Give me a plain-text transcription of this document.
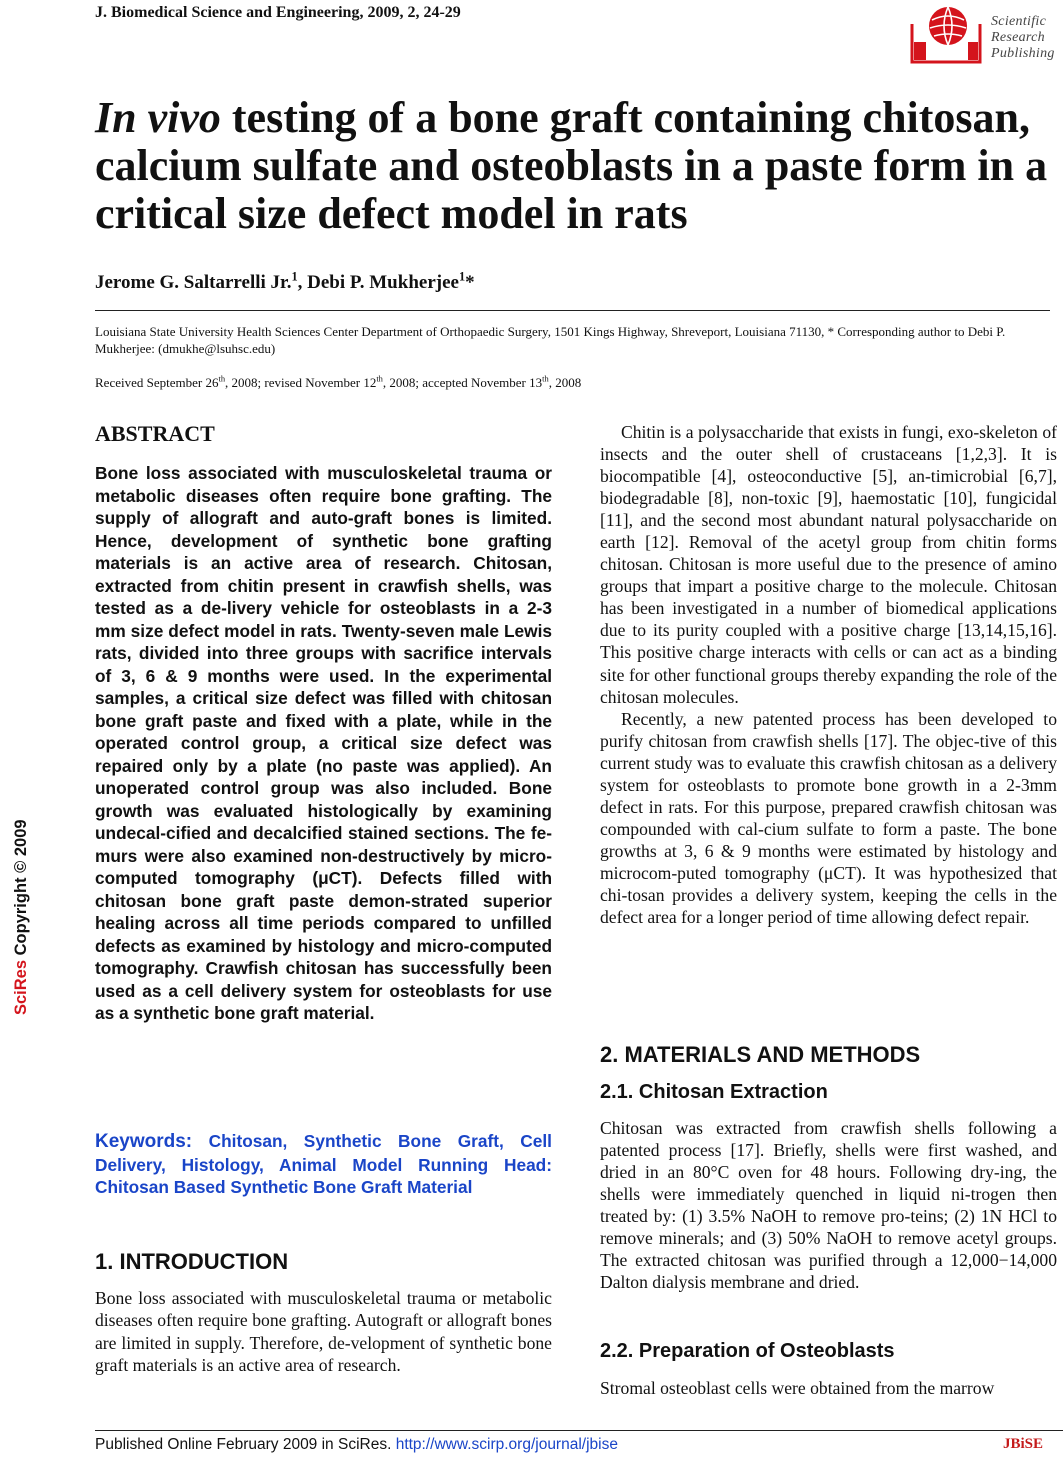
J. Biomedical Science and Engineering, 2009, 2, 24-29
Scientific
Research
Publishing
In vivo testing of a bone graft containing chitosan, calcium sulfate and osteoblasts in a paste form in a critical size defect model in rats
Jerome G. Saltarrelli Jr.$^1$, Debi P. Mukherjee$^1$*
Louisiana State University Health Sciences Center Department of Orthopaedic Surgery, 1501 Kings Highway, Shreveport, Louisiana 71130, * Corresponding author to Debi P. Mukherjee: (dmukhe@lsuhsc.edu)
Received September 26th, 2008; revised November 12th, 2008; accepted November 13th, 2008
ABSTRACT
Bone loss associated with musculoskeletal trauma or metabolic diseases often require bone grafting. The supply of allograft and auto-graft bones is limited. Hence, development of synthetic bone grafting materials is an active area of research. Chitosan, extracted from chitin present in crawfish shells, was tested as a de-livery vehicle for osteoblasts in a 2-3 mm size defect model in rats. Twenty-seven male Lewis rats, divided into three groups with sacrifice intervals of 3, 6 & 9 months were used. In the experimental samples, a critical size defect was filled with chitosan bone graft paste and fixed with a plate, while in the operated control group, a critical size defect was repaired only by a plate (no paste was applied). An unoperated control group was also included. Bone growth was evaluated histologically by examining undecal-cified and decalcified stained sections. The fe-murs were also examined non-destructively by micro-computed tomography (μCT). Defects filled with chitosan bone graft paste demon-strated superior healing across all time periods compared to unfilled defects as examined by histology and micro-computed tomography. Crawfish chitosan has successfully been used as a cell delivery system for osteoblasts for use as a synthetic bone graft material.
Keywords: Chitosan, Synthetic Bone Graft, Cell Delivery, Histology, Animal Model Running Head: Chitosan Based Synthetic Bone Graft Material
1. INTRODUCTION
Bone loss associated with musculoskeletal trauma or metabolic diseases often require bone grafting. Autograft or allograft bones are limited in supply. Therefore, de-velopment of synthetic bone graft materials is an active area of research.

Chitin is a polysaccharide that exists in fungi, exo-skeleton of insects and the outer shell of crustaceans [1,2,3]. It is biocompatible [4], osteoconductive [5], an-timicrobial [6,7], biodegradable [8], non-toxic [9], haemostatic [10], fungicidal [11], and the second most abundant natural polysaccharide on earth [12]. Removal of the acetyl group from chitin forms chitosan. Chitosan is more useful due to the presence of amino groups that impart a positive charge to the molecule. Chitosan has been investigated in a number of biomedical applications due to its purity coupled with a positive charge [13,14,15,16]. This positive charge interacts with cells or can act as a binding site for other functional groups thereby expanding the role of the chitosan molecules.

Recently, a new patented process has been developed to purify chitosan from crawfish shells [17]. The objec-tive of this current study was to evaluate this crawfish chitosan as a delivery system for osteoblasts to promote bone growth in a 2-3mm defect in rats. For this purpose, prepared crawfish chitosan was compounded with cal-cium sulfate to form a paste. The bone growths at 3, 6 & 9 months were estimated by histology and microcom-puted tomography (μCT). It was hypothesized that chi-tosan provides a delivery system, keeping the cells in the defect area for a longer period of time allowing defect repair.

2. MATERIALS AND METHODS
2.1. Chitosan Extraction
Chitosan was extracted from crawfish shells following a patented process [17]. Briefly, shells were first washed, and dried in an 80°C oven for 48 hours. Following dry-ing, the shells were immediately quenched in liquid ni-trogen then treated by: (1) 3.5% NaOH to remove pro-teins; (2) 1N HCl to remove minerals; and (3) 50% NaOH to remove acetyl groups. The extracted chitosan was purified through a 12,000−14,000 Dalton dialysis membrane and dried.
2.2. Preparation of Osteoblasts
Stromal osteoblast cells were obtained from the marrow
SciRes Copyright © 2009
Published Online February 2009 in SciRes. http://www.scirp.org/journal/jbise	JBiSE
